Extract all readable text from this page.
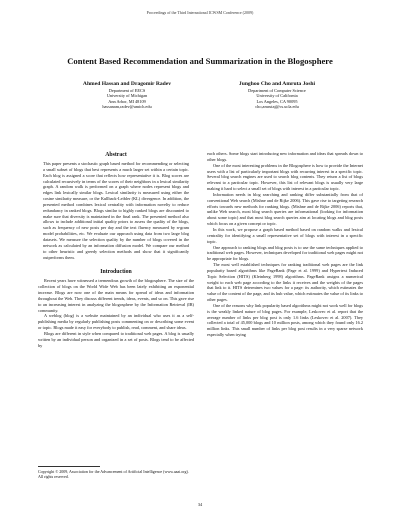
Proceedings of the Third International ICWSM Conference (2009)
Content Based Recommendation and Summarization in the Blogosphere
Ahmed Hassan and Dragomir Radev
Department of EECS
University of Michigan
Ann Arbor, MI 48109
hassanam,radev@umich.edu
Junghoo Cho and Amruta Joshi
Department of Computer Science
University of California
Los Angeles, CA 90095
cho,amrutaj@cs.ucla.edu
Abstract
This paper presents a stochastic graph based method for recommending or selecting a small subset of blogs that best represents a much larger set within a certain topic. Each blog is assigned a score that reflects how representative it is. Blog scores are calculated recursively in terms of the scores of their neighbors in a lexical similarity graph. A random walk is performed on a graph where nodes represent blogs and edges link lexically similar blogs. Lexical similarity is measured using either the cosine similarity measure, or the Kullback-Leibler (KL) divergence. In addition, the presented method combines lexical centrality with information novelty to reduce redundancy in ranked blogs. Blogs similar to highly ranked blogs are discounted to make sure that diversity is maintained in the final rank. The presented method also allows to include additional initial quality priors to assess the quality of the blogs, such as frequency of new posts per day and the text fluency measured by n-gram model probabilities, etc. We evaluate our approach using data from two large blog datasets. We measure the selection quality by the number of blogs covered in the network as calculated by an information diffusion model. We compare our method to other heuristic and greedy selection methods and show that it significantly outperforms them.
Introduction
Recent years have witnessed a tremendous growth of the blogosphere. The size of the collection of blogs on the World Wide Web has been lately exhibiting an exponential increase. Blogs are now one of the main means for spread of ideas and information throughout the Web. They discuss different trends, ideas, events, and so on. This gave rise to an increasing interest in analyzing the blogosphere by the Information Retrieval (IR) community.
A weblog (blog) is a website maintained by an individual who uses it as a self-publishing media by regularly publishing posts commenting on or describing some event or topic. Blogs made it easy for everybody to publish, read, comment, and share ideas.
Blogs are different in style when compared to traditional web pages. A blog is usually written by an individual person and organized in a set of posts. Blogs tend to be affected by
Copyright © 2009, Association for the Advancement of Artificial Intelligence (www.aaai.org). All rights reserved.
each others. Some blogs start introducing new information and ideas that spreads down to other blogs.
One of the most interesting problems in the Blogosphere is how to provide the Internet users with a list of particularly important blogs with recurring interest in a specific topic. Several blog search engines are used to search blog contents. They return a list of blogs relevant to a particular topic. However, this list of relevant blogs is usually very large making it hard to select a small set of blogs with interest in a particular topic.
Information needs in blog searching and ranking differ substantially from that of conventional Web search (Mishne and de Rijke 2006). This gave rise to targeting research efforts towards new methods for ranking blogs. (Mishne and de Rijke 2006) reports that, unlike Web search, most blog search queries are informational (looking for information about some topic) and that most blog search queries aim at locating blogs and blog posts which focus on a given concept or topic.
In this work, we propose a graph based method based on random walks and lexical centrality for identifying a small representative set of blogs with interest in a specific topic.
One approach to ranking blogs and blog posts is to use the same techniques applied to traditional web pages. However, techniques developed for traditional web pages might not be appropriate for blogs.
The most well established techniques for ranking traditional web pages are the link popularity based algorithms like PageRank (Page et al. 1999) and Hypertext Induced Topic Selection (HITS) (Kleinberg 1998) algorithms. PageRank assigns a numerical weight to each web page according to the links it receives and the weights of the pages that link to it. HITS determines two values for a page: its authority, which estimates the value of the content of the page, and its hub value, which estimates the value of its links to other pages.
One of the reasons why link popularity based algorithms might not work well for blogs is the weakly linked nature of blog pages. For example, Leskovec et al. report that the average number of links per blog post is only 1.6 links (Leskovec et al. 2007). They collected a total of 45,000 blogs and 10 million posts, among which they found only 16.2 million links. This small number of links per blog post results in a very sparse network especially when trying
34
